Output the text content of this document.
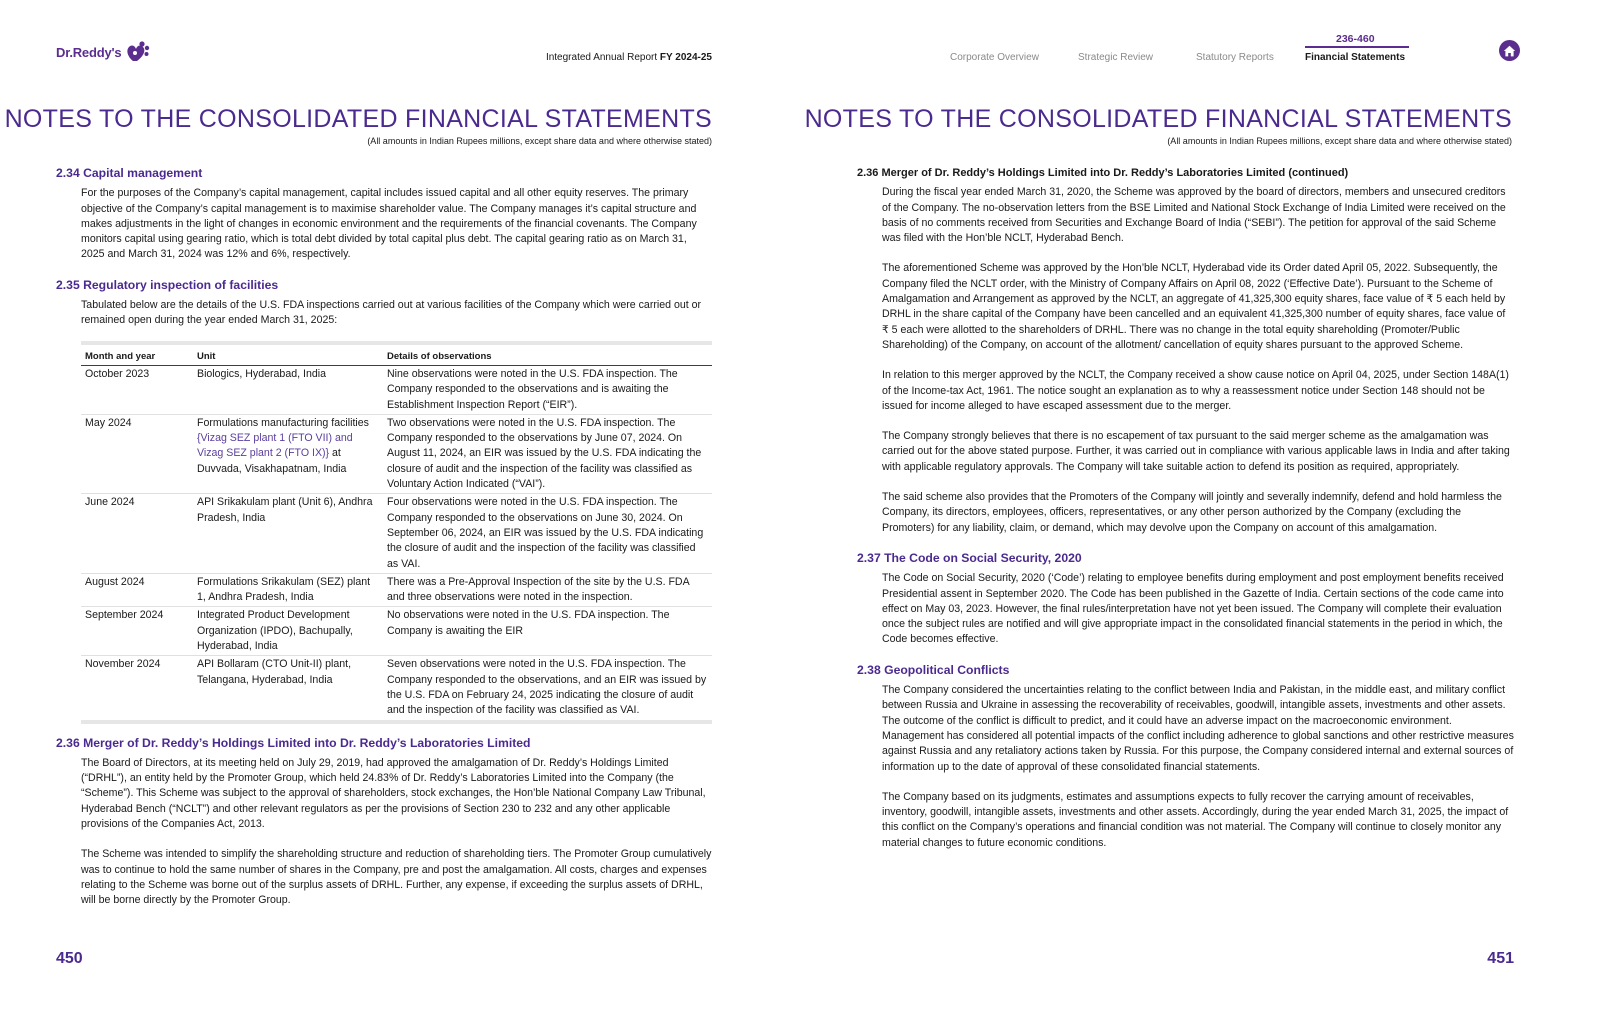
Dr.Reddy's	Integrated Annual Report FY 2024-25
NOTES TO THE CONSOLIDATED FINANCIAL STATEMENTS
(All amounts in Indian Rupees millions, except share data and where otherwise stated)
2.34 Capital management

For the purposes of the Company’s capital management, capital includes issued capital and all other equity reserves. The primary objective of the Company’s capital management is to maximise shareholder value. The Company manages it’s capital structure and makes adjustments in the light of changes in economic environment and the requirements of the financial covenants. The Company monitors capital using gearing ratio, which is total debt divided by total capital plus debt. The capital gearing ratio as on March 31, 2025 and March 31, 2024 was 12% and 6%, respectively.

2.35 Regulatory inspection of facilities

Tabulated below are the details of the U.S. FDA inspections carried out at various facilities of the Company which were carried out or remained open during the year ended March 31, 2025:

Month and year	Unit	Details of observations
October 2023	Biologics, Hyderabad, India	Nine observations were noted in the U.S. FDA inspection. The Company responded to the observations and is awaiting the Establishment Inspection Report (“EIR”).
May 2024	Formulations manufacturing facilities {Vizag SEZ plant 1 (FTO VII) and Vizag SEZ plant 2 (FTO IX)} at Duvvada, Visakhapatnam, India	Two observations were noted in the U.S. FDA inspection. The Company responded to the observations by June 07, 2024. On August 11, 2024, an EIR was issued by the U.S. FDA indicating the closure of audit and the inspection of the facility was classified as Voluntary Action Indicated (“VAI”).
June 2024	API Srikakulam plant (Unit 6), Andhra Pradesh, India	Four observations were noted in the U.S. FDA inspection. The Company responded to the observations on June 30, 2024. On September 06, 2024, an EIR was issued by the U.S. FDA indicating the closure of audit and the inspection of the facility was classified as VAI.
August 2024	Formulations Srikakulam (SEZ) plant 1, Andhra Pradesh, India	There was a Pre-Approval Inspection of the site by the U.S. FDA and three observations were noted in the inspection.
September 2024	Integrated Product Development Organization (IPDO), Bachupally, Hyderabad, India	No observations were noted in the U.S. FDA inspection. The Company is awaiting the EIR
November 2024	API Bollaram (CTO Unit-II) plant, Telangana, Hyderabad, India	Seven observations were noted in the U.S. FDA inspection. The Company responded to the observations, and an EIR was issued by the U.S. FDA on February 24, 2025 indicating the closure of audit and the inspection of the facility was classified as VAI.
2.36 Merger of Dr. Reddy’s Holdings Limited into Dr. Reddy’s Laboratories Limited

The Board of Directors, at its meeting held on July 29, 2019, had approved the amalgamation of Dr. Reddy’s Holdings Limited (“DRHL”), an entity held by the Promoter Group, which held 24.83% of Dr. Reddy’s Laboratories Limited into the Company (the “Scheme”). This Scheme was subject to the approval of shareholders, stock exchanges, the Hon’ble National Company Law Tribunal, Hyderabad Bench (“NCLT”) and other relevant regulators as per the provisions of Section 230 to 232 and any other applicable provisions of the Companies Act, 2013.

The Scheme was intended to simplify the shareholding structure and reduction of shareholding tiers. The Promoter Group cumulatively was to continue to hold the same number of shares in the Company, pre and post the amalgamation. All costs, charges and expenses relating to the Scheme was borne out of the surplus assets of DRHL. Further, any expense, if exceeding the surplus assets of DRHL, will be borne directly by the Promoter Group.

450
Corporate Overview	Strategic Review	Statutory Reports
236-460
Financial Statements
NOTES TO THE CONSOLIDATED FINANCIAL STATEMENTS
(All amounts in Indian Rupees millions, except share data and where otherwise stated)
2.36 Merger of Dr. Reddy’s Holdings Limited into Dr. Reddy’s Laboratories Limited (continued)

During the fiscal year ended March 31, 2020, the Scheme was approved by the board of directors, members and unsecured creditors of the Company. The no-observation letters from the BSE Limited and National Stock Exchange of India Limited were received on the basis of no comments received from Securities and Exchange Board of India (“SEBI”). The petition for approval of the said Scheme was filed with the Hon’ble NCLT, Hyderabad Bench.

The aforementioned Scheme was approved by the Hon’ble NCLT, Hyderabad vide its Order dated April 05, 2022. Subsequently, the Company filed the NCLT order, with the Ministry of Company Affairs on April 08, 2022 (‘Effective Date’). Pursuant to the Scheme of Amalgamation and Arrangement as approved by the NCLT, an aggregate of 41,325,300 equity shares, face value of ₹ 5 each held by DRHL in the share capital of the Company have been cancelled and an equivalent 41,325,300 number of equity shares, face value of ₹ 5 each were allotted to the shareholders of DRHL. There was no change in the total equity shareholding (Promoter/Public Shareholding) of the Company, on account of the allotment/ cancellation of equity shares pursuant to the approved Scheme.

In relation to this merger approved by the NCLT, the Company received a show cause notice on April 04, 2025, under Section 148A(1) of the Income-tax Act, 1961. The notice sought an explanation as to why a reassessment notice under Section 148 should not be issued for income alleged to have escaped assessment due to the merger.

The Company strongly believes that there is no escapement of tax pursuant to the said merger scheme as the amalgamation was carried out for the above stated purpose. Further, it was carried out in compliance with various applicable laws in India and after taking with applicable regulatory approvals. The Company will take suitable action to defend its position as required, appropriately.

The said scheme also provides that the Promoters of the Company will jointly and severally indemnify, defend and hold harmless the Company, its directors, employees, officers, representatives, or any other person authorized by the Company (excluding the Promoters) for any liability, claim, or demand, which may devolve upon the Company on account of this amalgamation.

2.37 The Code on Social Security, 2020

The Code on Social Security, 2020 (‘Code’) relating to employee benefits during employment and post employment benefits received Presidential assent in September 2020. The Code has been published in the Gazette of India. Certain sections of the code came into effect on May 03, 2023. However, the final rules/interpretation have not yet been issued. The Company will complete their evaluation once the subject rules are notified and will give appropriate impact in the consolidated financial statements in the period in which, the Code becomes effective.

2.38 Geopolitical Conflicts

The Company considered the uncertainties relating to the conflict between India and Pakistan, in the middle east, and military conflict between Russia and Ukraine in assessing the recoverability of receivables, goodwill, intangible assets, investments and other assets. The outcome of the conflict is difficult to predict, and it could have an adverse impact on the macroeconomic environment. Management has considered all potential impacts of the conflict including adherence to global sanctions and other restrictive measures against Russia and any retaliatory actions taken by Russia. For this purpose, the Company considered internal and external sources of information up to the date of approval of these consolidated financial statements.

The Company based on its judgments, estimates and assumptions expects to fully recover the carrying amount of receivables, inventory, goodwill, intangible assets, investments and other assets. Accordingly, during the year ended March 31, 2025, the impact of this conflict on the Company’s operations and financial condition was not material. The Company will continue to closely monitor any material changes to future economic conditions.

451
